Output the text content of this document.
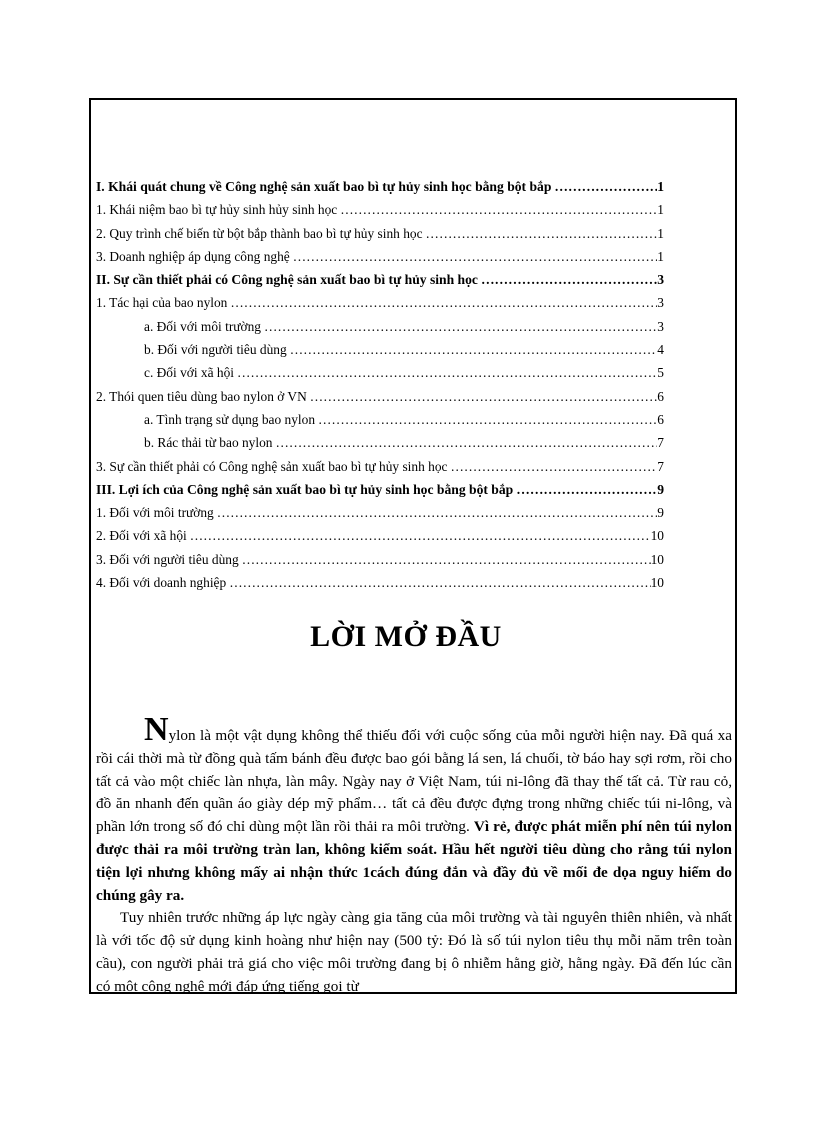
I. Khái quát chung về Công nghệ sản xuất bao bì tự hủy sinh học bằng bột bắp ………………………………………………………………………………………………………………………………………………………………………………	1
1. Khái niệm bao bì tự hủy sinh hủy sinh học ………………………………………………………………………………………………………………………………………………………………………………	1
2. Quy trình chế biến từ bột bắp thành bao bì tự hủy sinh học ………………………………………………………………………………………………………………………………………………………………………………	1
3. Doanh nghiệp áp dụng công nghệ ………………………………………………………………………………………………………………………………………………………………………………	1
II. Sự cần thiết phải có Công nghệ sản xuất bao bì tự hủy sinh học ………………………………………………………………………………………………………………………………………………………………………………	3
1. Tác hại của bao nylon ………………………………………………………………………………………………………………………………………………………………………………	3
a. Đối với môi trường ………………………………………………………………………………………………………………………………………………………………………………	3
b. Đối với người tiêu dùng ………………………………………………………………………………………………………………………………………………………………………………	4
c. Đối với xã hội ………………………………………………………………………………………………………………………………………………………………………………	5
2. Thói quen tiêu dùng bao nylon ở VN ………………………………………………………………………………………………………………………………………………………………………………	6
a. Tình trạng sử dụng bao nylon ………………………………………………………………………………………………………………………………………………………………………………	6
b. Rác thải từ bao nylon ………………………………………………………………………………………………………………………………………………………………………………	7
3. Sự cần thiết phải có Công nghệ sản xuất bao bì tự hủy sinh học ………………………………………………………………………………………………………………………………………………………………………………	7
III. Lợi ích của Công nghệ sản xuất bao bì tự hủy sinh học bằng bột bắp ………………………………………………………………………………………………………………………………………………………………………………	9
1. Đối với môi trường ………………………………………………………………………………………………………………………………………………………………………………	9
2. Đối với xã hội ………………………………………………………………………………………………………………………………………………………………………………	10
3. Đối với người tiêu dùng ………………………………………………………………………………………………………………………………………………………………………………	10
4. Đối với doanh nghiệp ………………………………………………………………………………………………………………………………………………………………………………	10
LỜI MỞ ĐẦU

Nylon là một vật dụng không thể thiếu đối với cuộc sống của mỗi người hiện nay. Đã quá xa rồi cái thời mà từ đồng quà tấm bánh đều được bao gói bằng lá sen, lá chuối, tờ báo hay sợi rơm, rồi cho tất cả vào một chiếc làn nhựa, làn mây. Ngày nay ở Việt Nam, túi ni-lông đã thay thế tất cả. Từ rau cỏ, đồ ăn nhanh đến quần áo giày dép mỹ phẩm… tất cả đều được đựng trong những chiếc túi ni-lông, và phần lớn trong số đó chỉ dùng một lần rồi thải ra môi trường. Vì rẻ, được phát miễn phí nên túi nylon được thải ra môi trường tràn lan, không kiểm soát. Hầu hết người tiêu dùng cho rằng túi nylon tiện lợi nhưng không mấy ai nhận thức 1cách đúng đắn và đầy đủ về mối đe dọa nguy hiểm do chúng gây ra.

Tuy nhiên trước những áp lực ngày càng gia tăng của môi trường và tài nguyên thiên nhiên, và nhất là với tốc độ sử dụng kinh hoàng như hiện nay (500 tỷ: Đó là số túi nylon tiêu thụ mỗi năm trên toàn cầu), con người phải trả giá cho việc môi trường đang bị ô nhiễm hằng giờ, hằng ngày. Đã đến lúc cần có một công nghệ mới đáp ứng tiếng gọi từ
